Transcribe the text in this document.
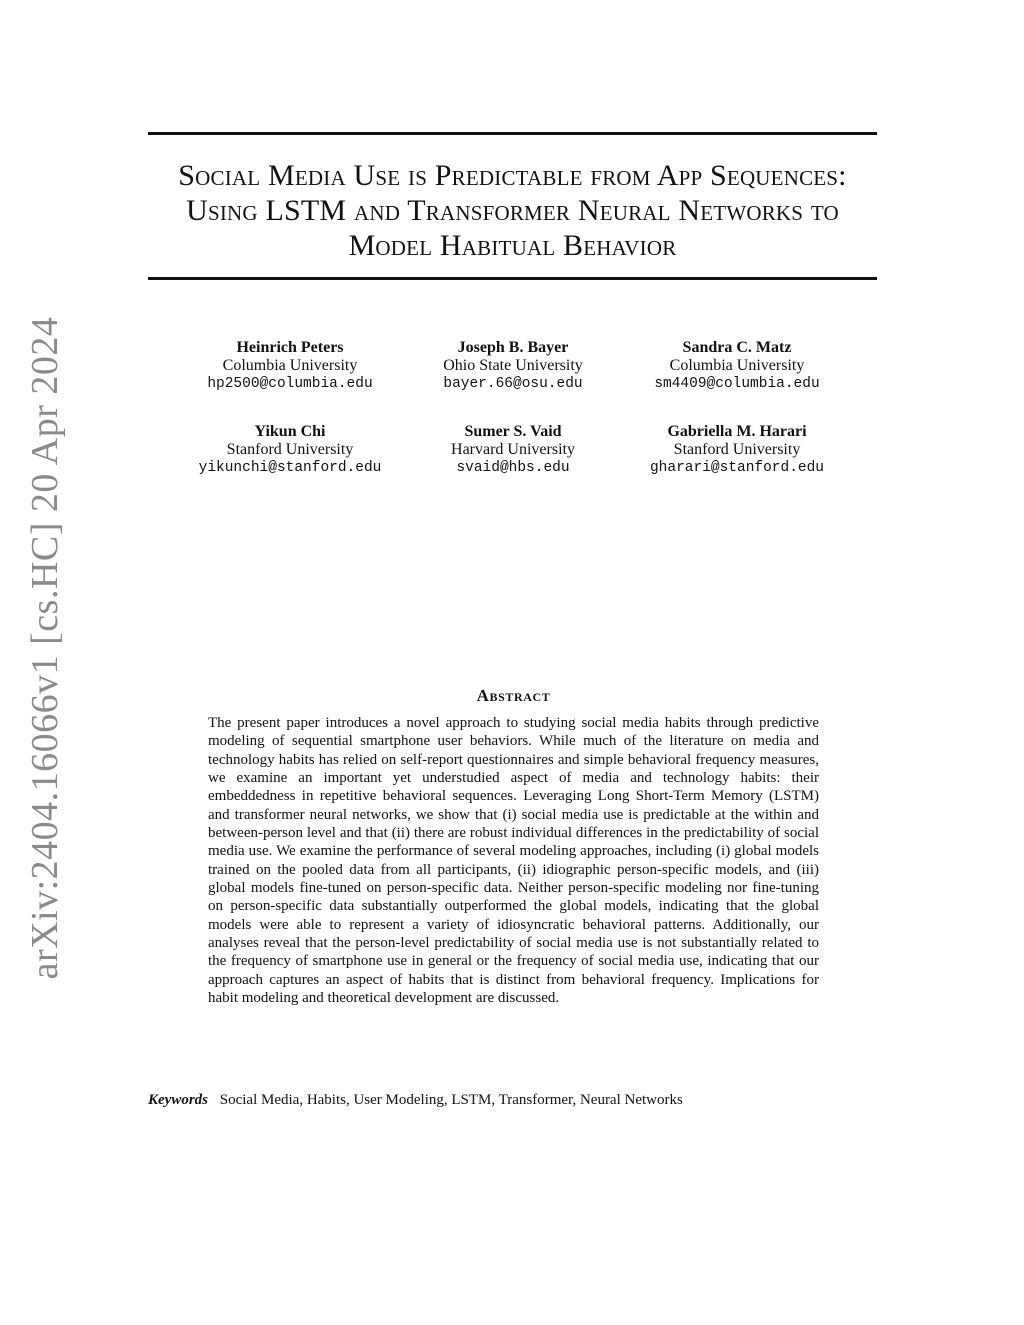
arXiv:2404.16066v1 [cs.HC] 20 Apr 2024
Social Media Use is Predictable from App Sequences:
Using LSTM and Transformer Neural Networks to
Model Habitual Behavior
Heinrich Peters
Columbia University
hp2500@columbia.edu
Joseph B. Bayer
Ohio State University
bayer.66@osu.edu
Sandra C. Matz
Columbia University
sm4409@columbia.edu
Yikun Chi
Stanford University
yikunchi@stanford.edu
Sumer S. Vaid
Harvard University
svaid@hbs.edu
Gabriella M. Harari
Stanford University
gharari@stanford.edu
Abstract
The present paper introduces a novel approach to studying social media habits through predictive modeling of sequential smartphone user behaviors. While much of the literature on media and technology habits has relied on self-report questionnaires and simple behavioral frequency measures, we examine an important yet understudied aspect of media and technology habits: their embeddedness in repetitive behavioral sequences. Leveraging Long Short-Term Memory (LSTM) and transformer neural networks, we show that (i) social media use is predictable at the within and between-person level and that (ii) there are robust individual differences in the predictability of social media use. We examine the performance of several modeling approaches, including (i) global models trained on the pooled data from all participants, (ii) idiographic person-specific models, and (iii) global models fine-tuned on person-specific data. Neither person-specific modeling nor fine-tuning on person-specific data substantially outperformed the global models, indicating that the global models were able to represent a variety of idiosyncratic behavioral patterns. Additionally, our analyses reveal that the person-level predictability of social media use is not substantially related to the frequency of smartphone use in general or the frequency of social media use, indicating that our approach captures an aspect of habits that is distinct from behavioral frequency. Implications for habit modeling and theoretical development are discussed.
Keywords Social Media, Habits, User Modeling, LSTM, Transformer, Neural Networks
